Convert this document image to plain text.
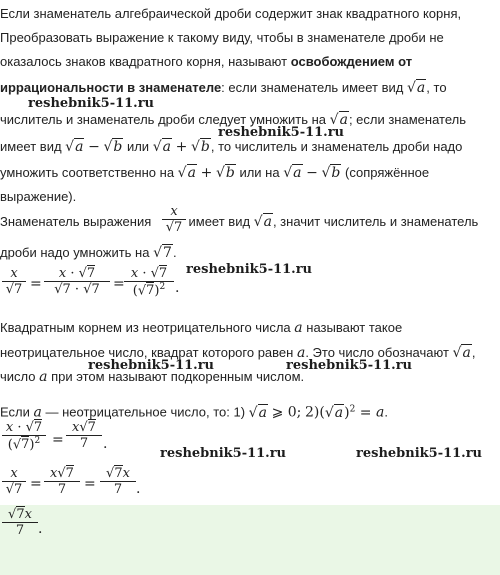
Если знаменатель алгебраической дроби содержит знак квадратного корня,
Преобразовать выражение к такому виду, чтобы в знаменателе дроби не
оказалось знаков квадратного корня, называют освобождением от
иррациональности в знаменателе: если знаменатель имеет вид √a, то
reshebnik5-11.ru
числитель и знаменатель дроби следует умножить на √a; если знаменатель
reshebnik5-11.ru
имеет вид √a − √b или √a + √b, то числитель и знаменатель дроби надо
умножить соответственно на √a + √b или на √a − √b (сопряжённое
выражение).
Знаменатель выражения	имеет вид √a, значит числитель и знаменатель
x
√7
дроби надо умножить на √7.
x
√7 =
x · √7
√7 · √7 =
x · √7
$(√7)^2$ .
reshebnik5-11.ru
Квадратным корнем из неотрицательного числа a называют такое
неотрицательное число, квадрат которого равен a. Это число обозначают √a,
reshebnik5-11.ru	reshebnik5-11.ru
число a при этом называют подкоренным числом.
Если a — неотрицательное число, то: 1) √a ⩾ 0; $2)(√a)^2 = a$.
x · √7
$(√7)^2$ =
x√7
7	.
reshebnik5-11.ru	reshebnik5-11.ru
x
√7 =
x√7
7	=
√7x
7 .
√7x
7 .
